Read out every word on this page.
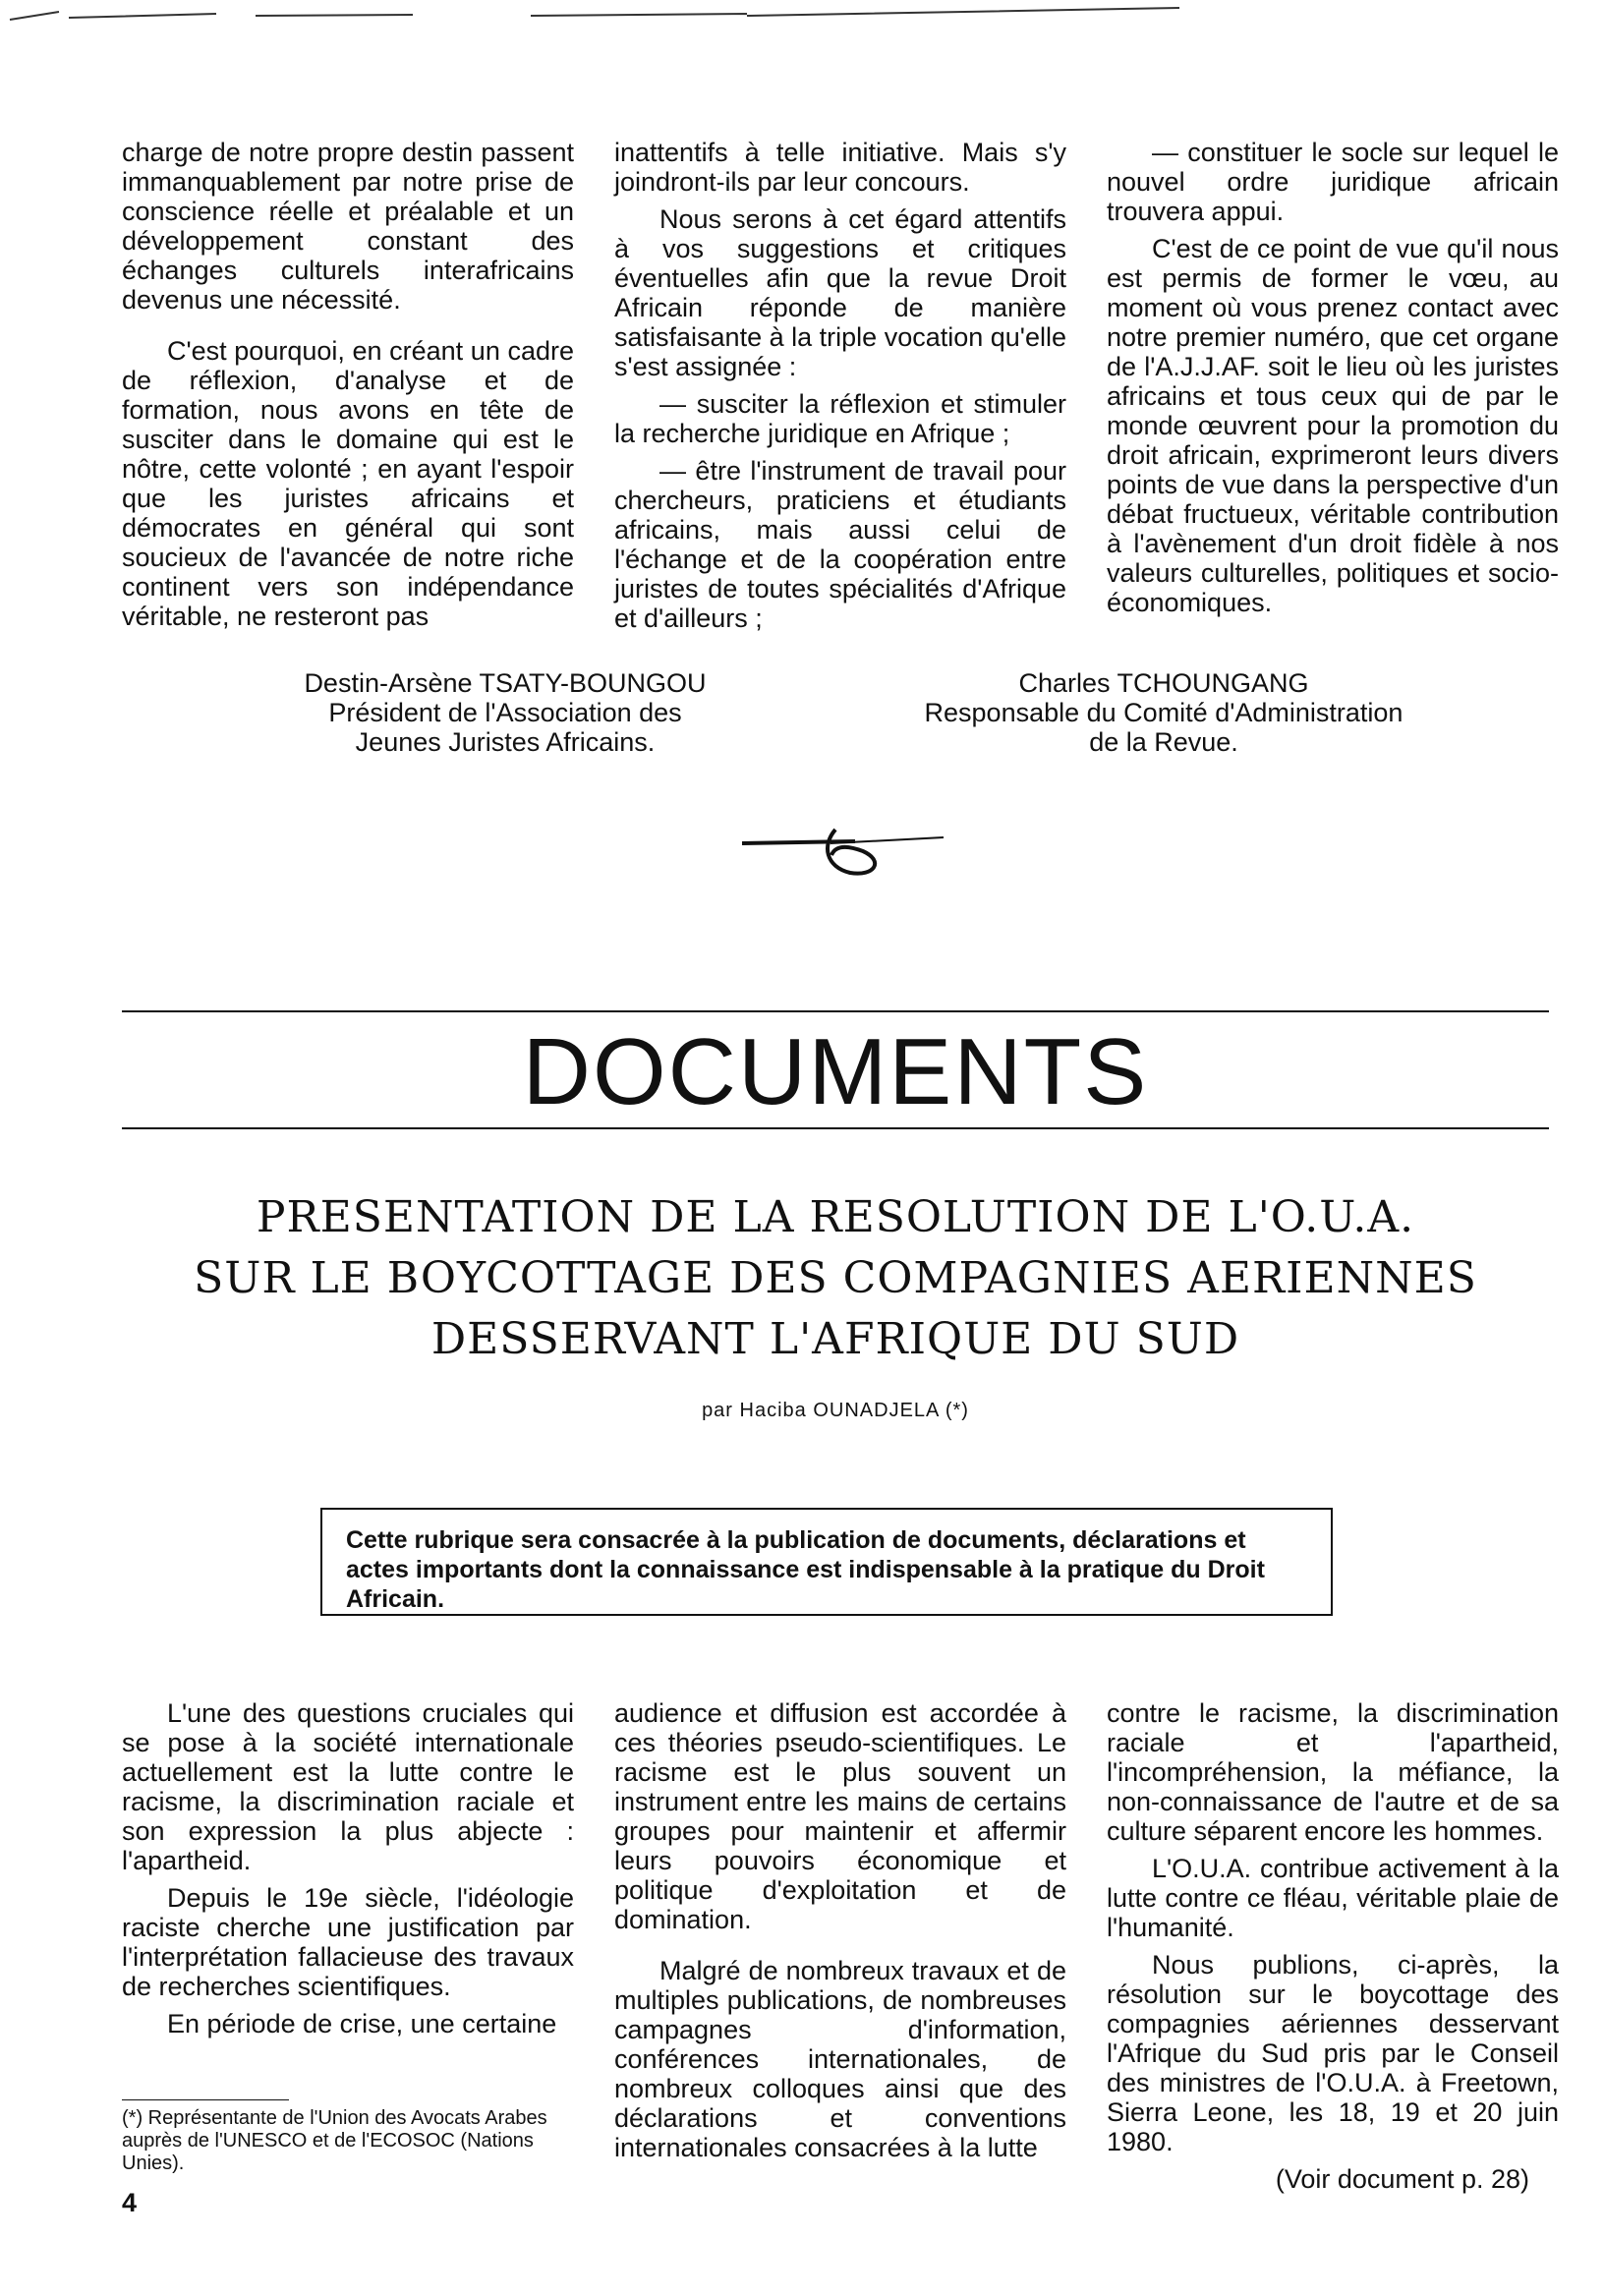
charge de notre propre destin passent immanquablement par notre prise de conscience réelle et préalable et un développement constant des échanges culturels interafricains devenus une nécessité.

C'est pourquoi, en créant un cadre de réflexion, d'analyse et de formation, nous avons en tête de susciter dans le domaine qui est le nôtre, cette volonté ; en ayant l'espoir que les juristes africains et démocrates en général qui sont soucieux de l'avancée de notre riche continent vers son indépendance véritable, ne resteront pas

inattentifs à telle initiative. Mais s'y joindront-ils par leur concours.

Nous serons à cet égard attentifs à vos suggestions et critiques éventuelles afin que la revue Droit Africain réponde de manière satisfaisante à la triple vocation qu'elle s'est assignée :

— susciter la réflexion et stimuler la recherche juridique en Afrique ;

— être l'instrument de travail pour chercheurs, praticiens et étudiants africains, mais aussi celui de l'échange et de la coopération entre juristes de toutes spécialités d'Afrique et d'ailleurs ;

— constituer le socle sur lequel le nouvel ordre juridique africain trouvera appui.

C'est de ce point de vue qu'il nous est permis de former le vœu, au moment où vous prenez contact avec notre premier numéro, que cet organe de l'A.J.J.AF. soit le lieu où les juristes africains et tous ceux qui de par le monde œuvrent pour la promotion du droit africain, exprimeront leurs divers points de vue dans la perspective d'un débat fructueux, véritable contribution à l'avènement d'un droit fidèle à nos valeurs culturelles, politiques et socio-économiques.

Destin-Arsène TSATY-BOUNGOU
Président de l'Association des
Jeunes Juristes Africains.
Charles TCHOUNGANG
Responsable du Comité d'Administration
de la Revue.
DOCUMENTS
PRESENTATION DE LA RESOLUTION DE L'O.U.A.
SUR LE BOYCOTTAGE DES COMPAGNIES AERIENNES
DESSERVANT L'AFRIQUE DU SUD
par Haciba OUNADJELA (*)
Cette rubrique sera consacrée à la publication de documents, déclarations et actes importants dont la connaissance est indispensable à la pratique du Droit Africain.

L'une des questions cruciales qui se pose à la société internationale actuellement est la lutte contre le racisme, la discrimination raciale et son expression la plus abjecte : l'apartheid.

Depuis le 19e siècle, l'idéologie raciste cherche une justification par l'interprétation fallacieuse des travaux de recherches scientifiques.

En période de crise, une certaine

audience et diffusion est accordée à ces théories pseudo-scientifiques. Le racisme est le plus souvent un instrument entre les mains de certains groupes pour maintenir et affermir leurs pouvoirs économique et politique d'exploitation et de domination.

Malgré de nombreux travaux et de multiples publications, de nombreuses campagnes d'information, conférences internationales, de nombreux colloques ainsi que des déclarations et conventions internationales consacrées à la lutte

contre le racisme, la discrimination raciale et l'apartheid, l'incompréhension, la méfiance, la non-connaissance de l'autre et de sa culture séparent encore les hommes.

L'O.U.A. contribue activement à la lutte contre ce fléau, véritable plaie de l'humanité.

Nous publions, ci-après, la résolution sur le boycottage des compagnies aériennes desservant l'Afrique du Sud pris par le Conseil des ministres de l'O.U.A. à Freetown, Sierra Leone, les 18, 19 et 20 juin 1980.

(Voir document p. 28)
(*) Représentante de l'Union des Avocats Arabes auprès de l'UNESCO et de l'ECOSOC (Nations Unies).
4
